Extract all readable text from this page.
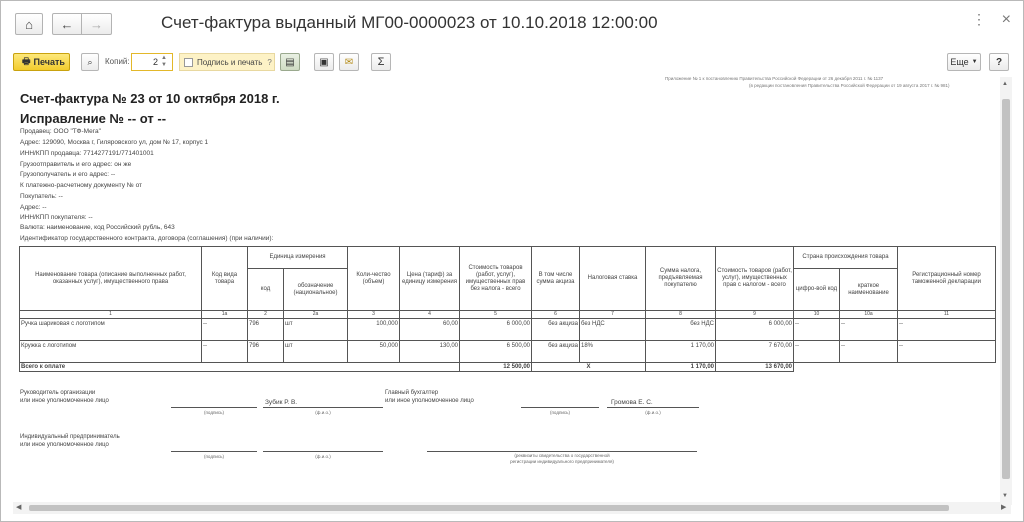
⌂ ← →	Счет-фактура выданный МГ00-0000023 от 10.10.2018 12:00:00	⋮ ×
🖶 Печать	⌕ Копий:	2 ▲
▼	Подпись и печать ? ▤ ▣ ✉ Σ	Еще ▼ ?
Приложение № 1 к постановлению Правительства Российской Федерации от 26 декабря 2011 г. № 1137
(в редакции постановления Правительства Российской Федерации от 19 августа 2017 г. № 981)
Счет-фактура № 23 от 10 октября 2018 г.
Исправление № -- от --
Продавец: ООО "ТФ-Мега"
Адрес: 129090, Москва г, Гиляровского ул, дом № 17, корпус 1
ИНН/КПП продавца: 7714277191/771401001
Грузоотправитель и его адрес: он же
Грузополучатель и его адрес: --
К платежно-расчетному документу № от
Покупатель: --
Адрес: --
ИНН/КПП покупателя: --
Валюта: наименование, код Российский рубль, 643
Идентификатор государственного контракта, договора (соглашения) (при наличии):
Наименование товара (описание выполненных работ, оказанных услуг), имущественного права	Код вида товара	Единица измерения		Коли-чество (объем)	Цена (тариф) за единицу измерения	Стоимость товаров (работ, услуг), имущественных прав без налога - всего	В том числе сумма акциза	Налоговая ставка	Сумма налога, предъявляемая покупателю	Стоимость товаров (работ, услуг), имущественных прав с налогом - всего	Страна происхождения товара		Регистрационный номер таможенной декларации
		код	обозначение (национальное)								цифро-вой код	краткое наименование	
1	1а	2	2а	3	4	5	6	7	8	9	10	10а	11
Ручка шариковая с логотипом	--	796	шт	100,000	60,00	6 000,00	без акциза	без НДС	без НДС	6 000,00	--	--	--
Кружка с логотипом	--	796	шт	50,000	130,00	6 500,00	без акциза	18%	1 170,00	7 670,00	--	--	--
Всего к оплате						12 500,00	X		1 170,00	13 670,00			
Руководитель организации
или иное уполномоченное лицо	Зубик Р. В.
(подпись)	(ф.и.о.)
Главный бухгалтер
или иное уполномоченное лицо	Громова Е. С.
(подпись)	(ф.и.о.)
Индивидуальный предприниматель
или иное уполномоченное лицо
(подпись)	(ф.и.о.)	(реквизиты свидетельства о государственной
регистрации индивидуального предпринимателя)
▲
▼
◀	▶
